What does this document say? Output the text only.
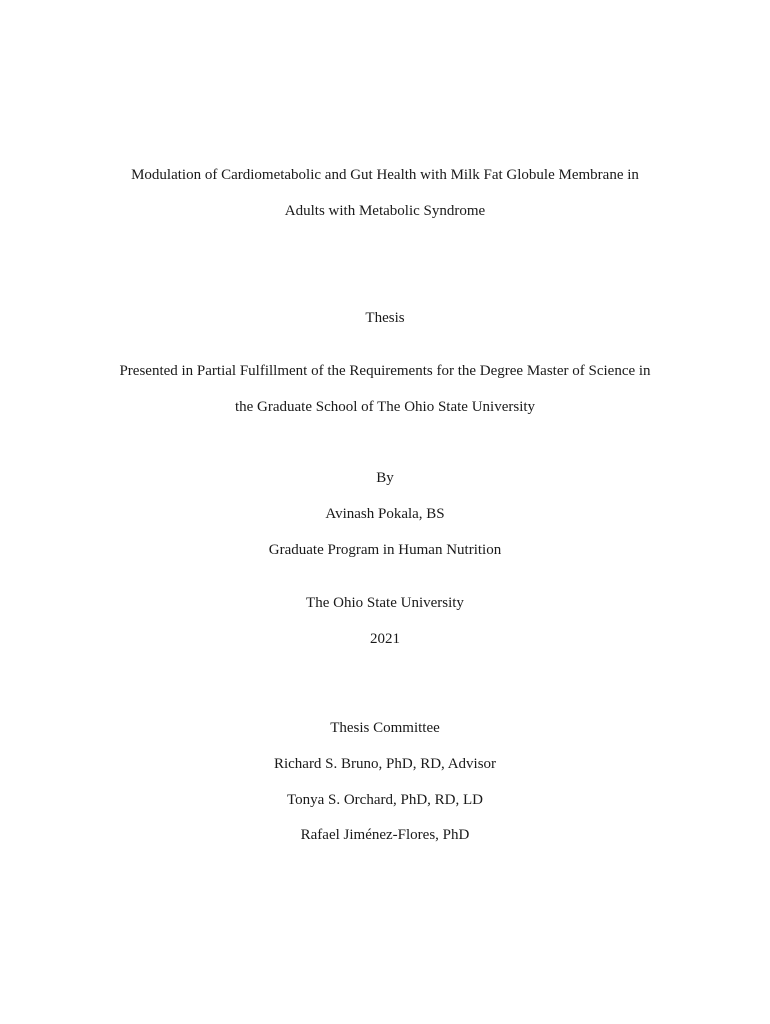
Modulation of Cardiometabolic and Gut Health with Milk Fat Globule Membrane in
Adults with Metabolic Syndrome
Thesis
Presented in Partial Fulfillment of the Requirements for the Degree Master of Science in
the Graduate School of The Ohio State University
By
Avinash Pokala, BS
Graduate Program in Human Nutrition
The Ohio State University
2021
Thesis Committee
Richard S. Bruno, PhD, RD, Advisor
Tonya S. Orchard, PhD, RD, LD
Rafael Jiménez-Flores, PhD
